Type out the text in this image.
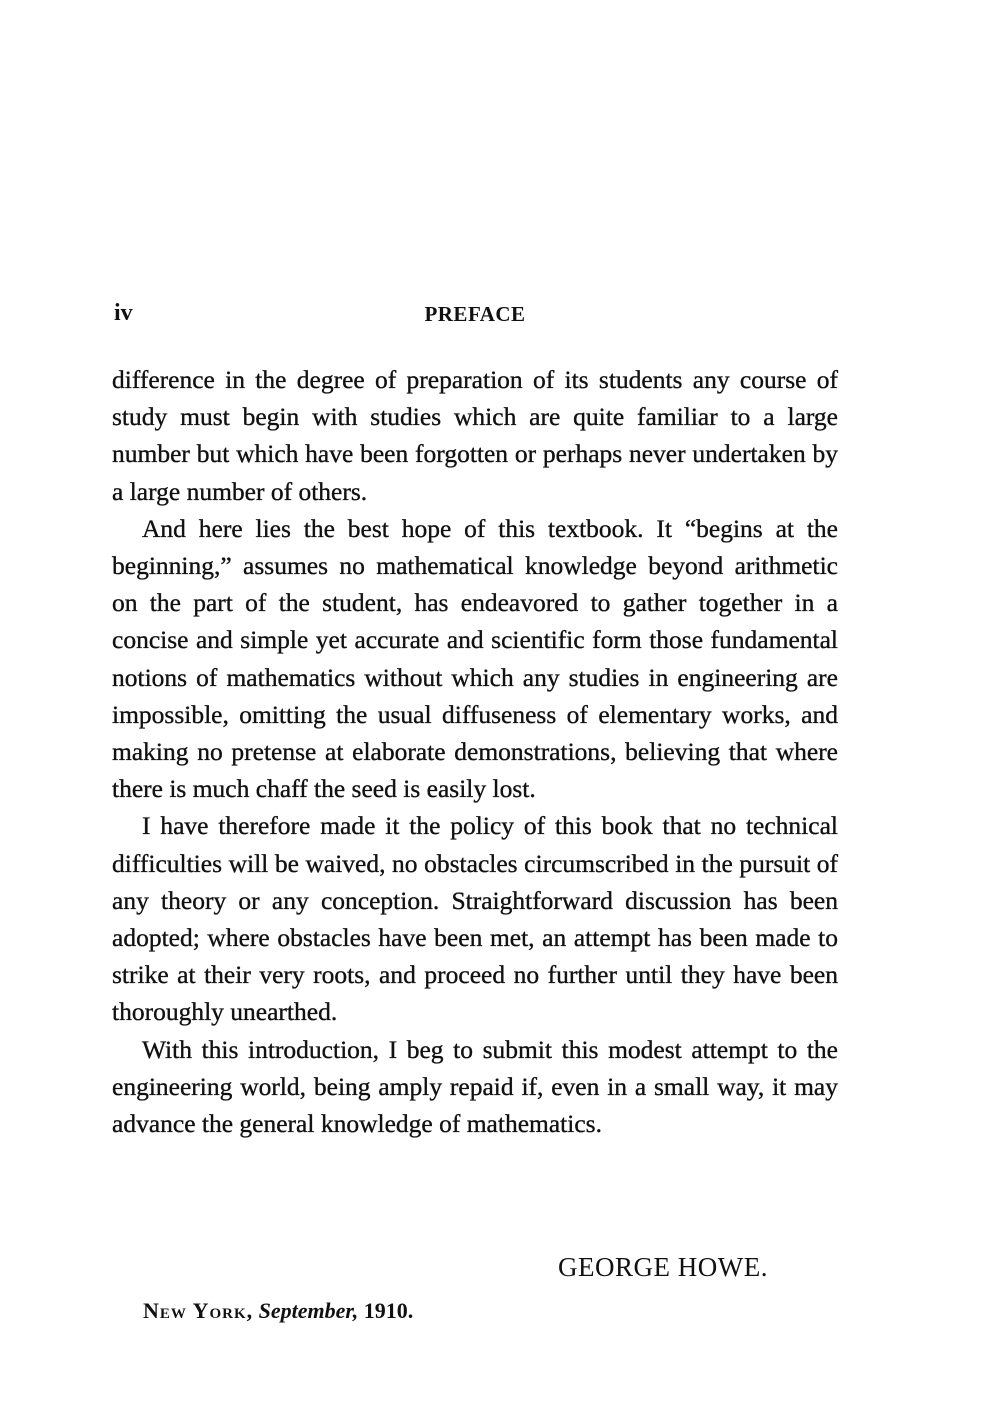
iv	PREFACE

difference in the degree of preparation of its students any course of study must begin with studies which are quite familiar to a large number but which have been forgotten or perhaps never undertaken by a large number of others.

And here lies the best hope of this textbook. It “begins at the beginning,” assumes no mathematical knowledge beyond arithmetic on the part of the student, has endeavored to gather together in a concise and simple yet accurate and scientific form those fundamental notions of mathematics without which any studies in engineering are impossible, omitting the usual diffuseness of elementary works, and making no pretense at elaborate demonstrations, believing that where there is much chaff the seed is easily lost.

I have therefore made it the policy of this book that no technical difficulties will be waived, no obstacles circumscribed in the pursuit of any theory or any conception. Straightforward discussion has been adopted; where obstacles have been met, an attempt has been made to strike at their very roots, and proceed no further until they have been thoroughly unearthed.

With this introduction, I beg to submit this modest attempt to the engineering world, being amply repaid if, even in a small way, it may advance the general knowledge of mathematics.

GEORGE HOWE.
New York, September, 1910.
